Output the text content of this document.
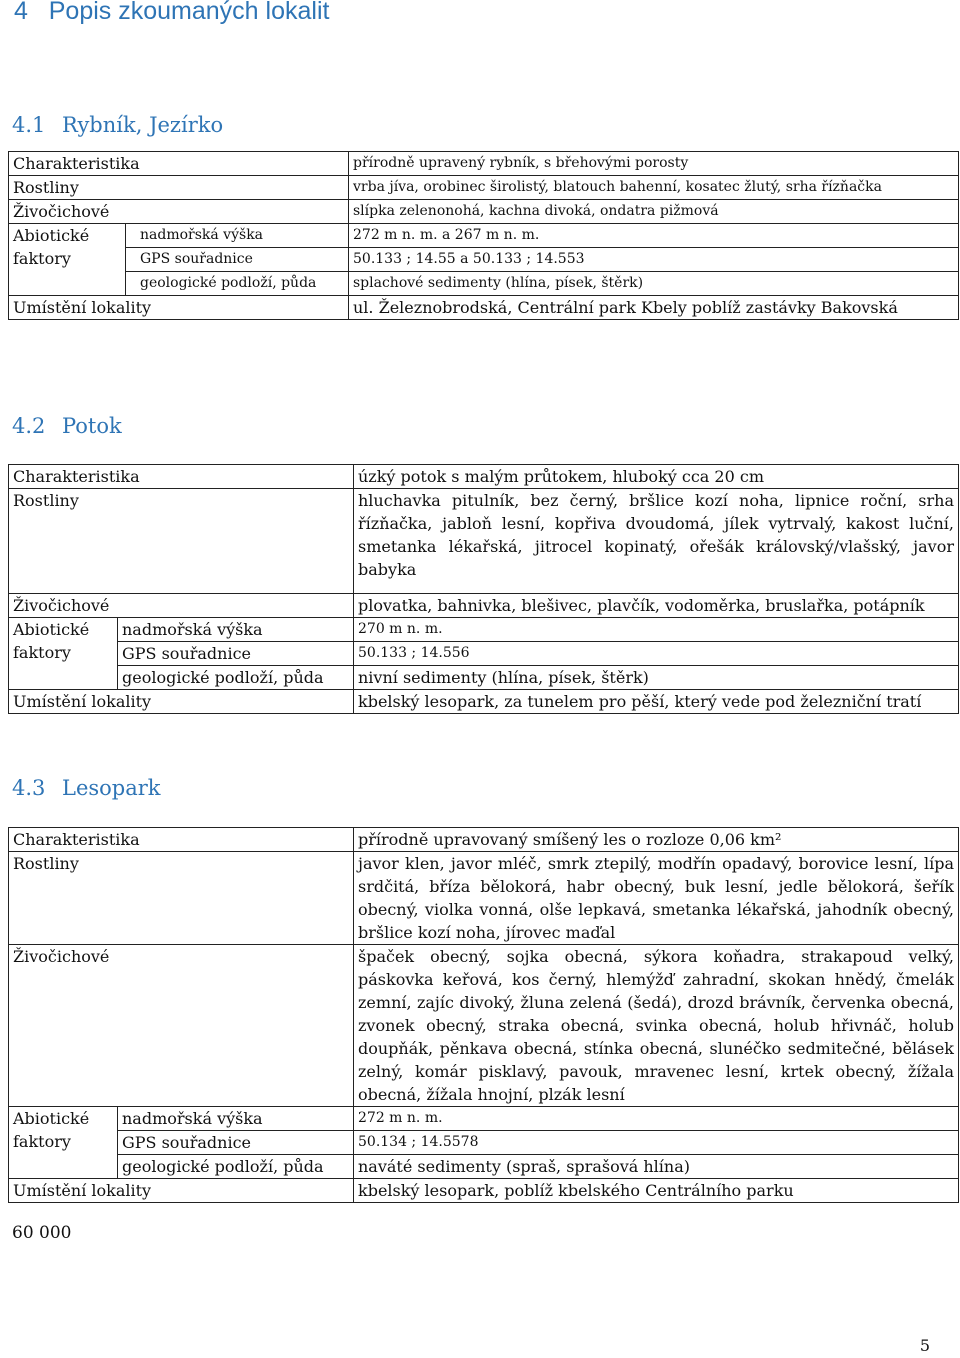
4 Popis zkoumaných lokalit
4.1 Rybník, Jezírko
Charakteristika		přírodně upravený rybník, s břehovými porosty
Rostliny		vrba jíva, orobinec širolistý, blatouch bahenní, kosatec žlutý, srha řízňačka
Živočichové		slípka zelenonohá, kachna divoká, ondatra pižmová
Abiotické
faktory	nadmořská výška	272 m n. m. a 267 m n. m.
	GPS souřadnice	50.133 ; 14.55 a 50.133 ; 14.553
	geologické podloží, půda	splachové sedimenty (hlína, písek, štěrk)
Umístění lokality		ul. Železnobrodská, Centrální park Kbely poblíž zastávky Bakovská
4.2 Potok
Charakteristika		úzký potok s malým průtokem, hluboký cca 20 cm
Rostliny		hluchavka pitulník, bez černý, bršlice kozí noha, lipnice roční, srha řízňačka, jabloň lesní, kopřiva dvoudomá, jílek vytrvalý, kakost luční, smetanka lékařská, jitrocel kopinatý, ořešák královský/vlašský, javor babyka
Živočichové		plovatka, bahnivka, blešivec, plavčík, vodoměrka, bruslařka, potápník
Abiotické
faktory	nadmořská výška	270 m n. m.
	GPS souřadnice	50.133 ; 14.556
	geologické podloží, půda	nivní sedimenty (hlína, písek, štěrk)
Umístění lokality		kbelský lesopark, za tunelem pro pěší, který vede pod železniční tratí
4.3 Lesopark
Charakteristika		přírodně upravovaný smíšený les o rozloze 0,06 km²
Rostliny		javor klen, javor mléč, smrk ztepilý, modřín opadavý, borovice lesní, lípa srdčitá, bříza bělokorá, habr obecný, buk lesní, jedle bělokorá, šeřík obecný, violka vonná, olše lepkavá, smetanka lékařská, jahodník obecný, bršlice kozí noha, jírovec maďal
Živočichové		špaček obecný, sojka obecná, sýkora koňadra, strakapoud velký, páskovka keřová, kos černý, hlemýžď zahradní, skokan hnědý, čmelák zemní, zajíc divoký, žluna zelená (šedá), drozd brávník, červenka obecná, zvonek obecný, straka obecná, svinka obecná, holub hřivnáč, holub doupňák, pěnkava obecná, stínka obecná, slunéčko sedmitečné, bělásek zelný, komár pisklavý, pavouk, mravenec lesní, krtek obecný, žížala obecná, žížala hnojní, plzák lesní
Abiotické
faktory	nadmořská výška	272 m n. m.
	GPS souřadnice	50.134 ; 14.5578
	geologické podloží, půda	naváté sedimenty (spraš, sprašová hlína)
Umístění lokality		kbelský lesopark, poblíž kbelského Centrálního parku
60 000
5
